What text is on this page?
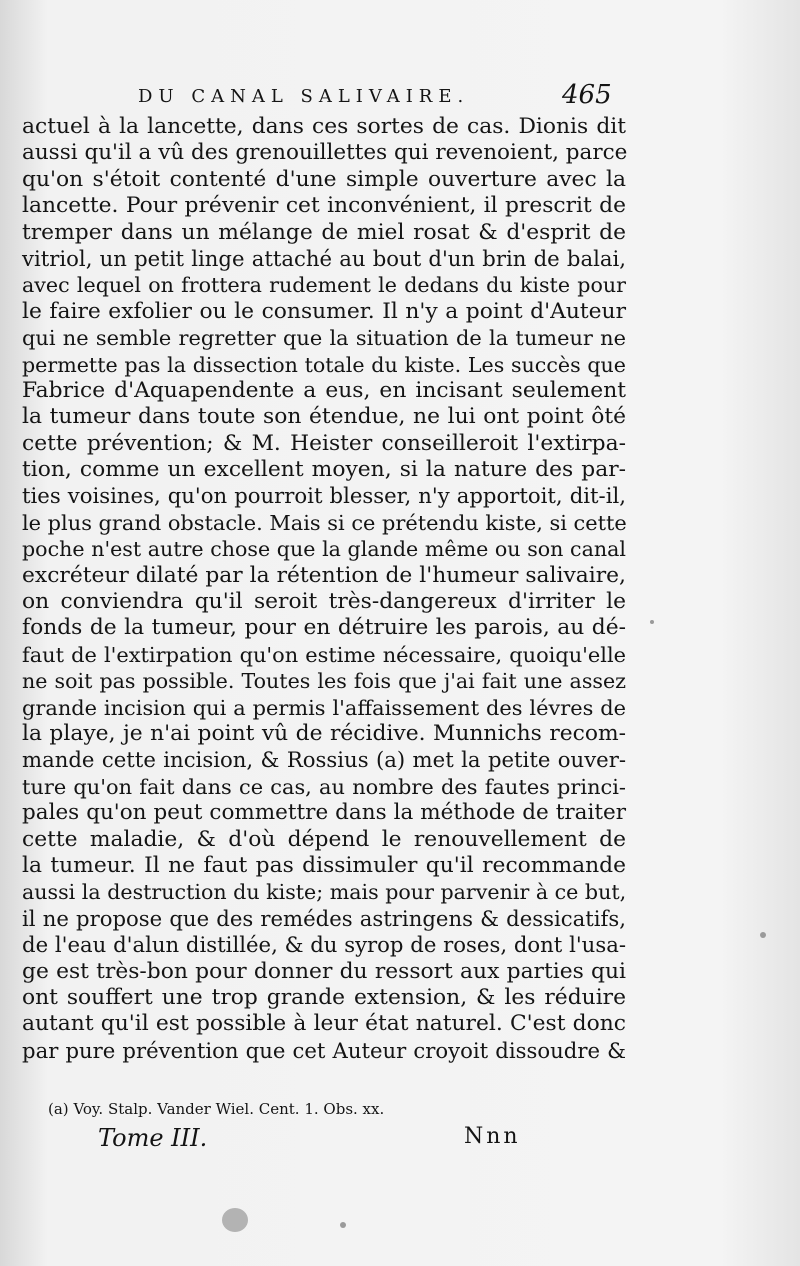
DU CANAL SALIVAIRE.	465
actuel à la lancette, dans ces sortes de cas. Dionis dit
aussi qu'il a vû des grenouillettes qui revenoient, parce
qu'on s'étoit contenté d'une simple ouverture avec la
lancette. Pour prévenir cet inconvénient, il prescrit de
tremper dans un mélange de miel rosat & d'esprit de
vitriol, un petit linge attaché au bout d'un brin de balai,
avec lequel on frottera rudement le dedans du kiste pour
le faire exfolier ou le consumer. Il n'y a point d'Auteur
qui ne semble regretter que la situation de la tumeur ne
permette pas la dissection totale du kiste. Les succès que
Fabrice d'Aquapendente a eus, en incisant seulement
la tumeur dans toute son étendue, ne lui ont point ôté
cette prévention; & M. Heister conseilleroit l'extirpa-
tion, comme un excellent moyen, si la nature des par-
ties voisines, qu'on pourroit blesser, n'y apportoit, dit-il,
le plus grand obstacle. Mais si ce prétendu kiste, si cette
poche n'est autre chose que la glande même ou son canal
excréteur dilaté par la rétention de l'humeur salivaire,
on conviendra qu'il seroit très-dangereux d'irriter le
fonds de la tumeur, pour en détruire les parois, au dé-
faut de l'extirpation qu'on estime nécessaire, quoiqu'elle
ne soit pas possible. Toutes les fois que j'ai fait une assez
grande incision qui a permis l'affaissement des lévres de
la playe, je n'ai point vû de récidive. Munnichs recom-
mande cette incision, & Rossius (a) met la petite ouver-
ture qu'on fait dans ce cas, au nombre des fautes princi-
pales qu'on peut commettre dans la méthode de traiter
cette maladie, & d'où dépend le renouvellement de
la tumeur. Il ne faut pas dissimuler qu'il recommande
aussi la destruction du kiste; mais pour parvenir à ce but,
il ne propose que des remédes astringens & dessicatifs,
de l'eau d'alun distillée, & du syrop de roses, dont l'usa-
ge est très-bon pour donner du ressort aux parties qui
ont souffert une trop grande extension, & les réduire
autant qu'il est possible à leur état naturel. C'est donc
par pure prévention que cet Auteur croyoit dissoudre &
(a) Voy. Stalp. Vander Wiel. Cent. 1. Obs. xx.
Tome III.	Nnn
